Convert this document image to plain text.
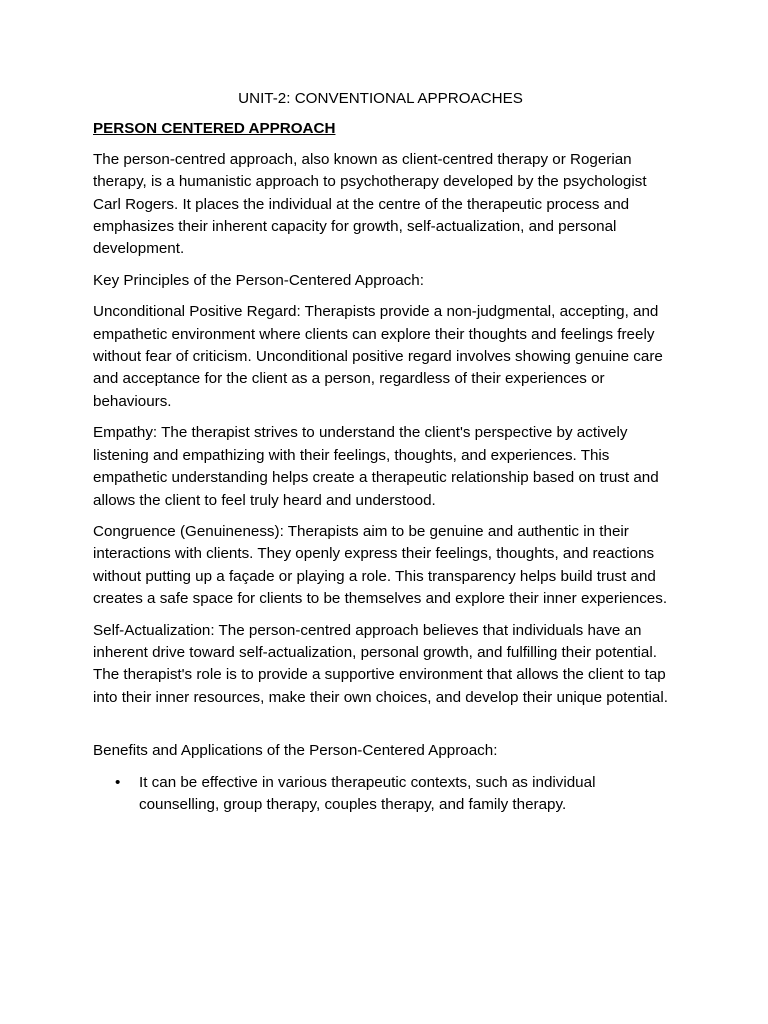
UNIT-2: CONVENTIONAL APPROACHES
PERSON CENTERED APPROACH

The person-centred approach, also known as client-centred therapy or Rogerian therapy, is a humanistic approach to psychotherapy developed by the psychologist Carl Rogers. It places the individual at the centre of the therapeutic process and emphasizes their inherent capacity for growth, self-actualization, and personal development.

Key Principles of the Person-Centered Approach:

Unconditional Positive Regard: Therapists provide a non-judgmental, accepting, and empathetic environment where clients can explore their thoughts and feelings freely without fear of criticism. Unconditional positive regard involves showing genuine care and acceptance for the client as a person, regardless of their experiences or behaviours.

Empathy: The therapist strives to understand the client's perspective by actively listening and empathizing with their feelings, thoughts, and experiences. This empathetic understanding helps create a therapeutic relationship based on trust and allows the client to feel truly heard and understood.

Congruence (Genuineness): Therapists aim to be genuine and authentic in their interactions with clients. They openly express their feelings, thoughts, and reactions without putting up a façade or playing a role. This transparency helps build trust and creates a safe space for clients to be themselves and explore their inner experiences.

Self-Actualization: The person-centred approach believes that individuals have an inherent drive toward self-actualization, personal growth, and fulfilling their potential. The therapist's role is to provide a supportive environment that allows the client to tap into their inner resources, make their own choices, and develop their unique potential.

Benefits and Applications of the Person-Centered Approach:

• It can be effective in various therapeutic contexts, such as individual counselling, group therapy, couples therapy, and family therapy.
